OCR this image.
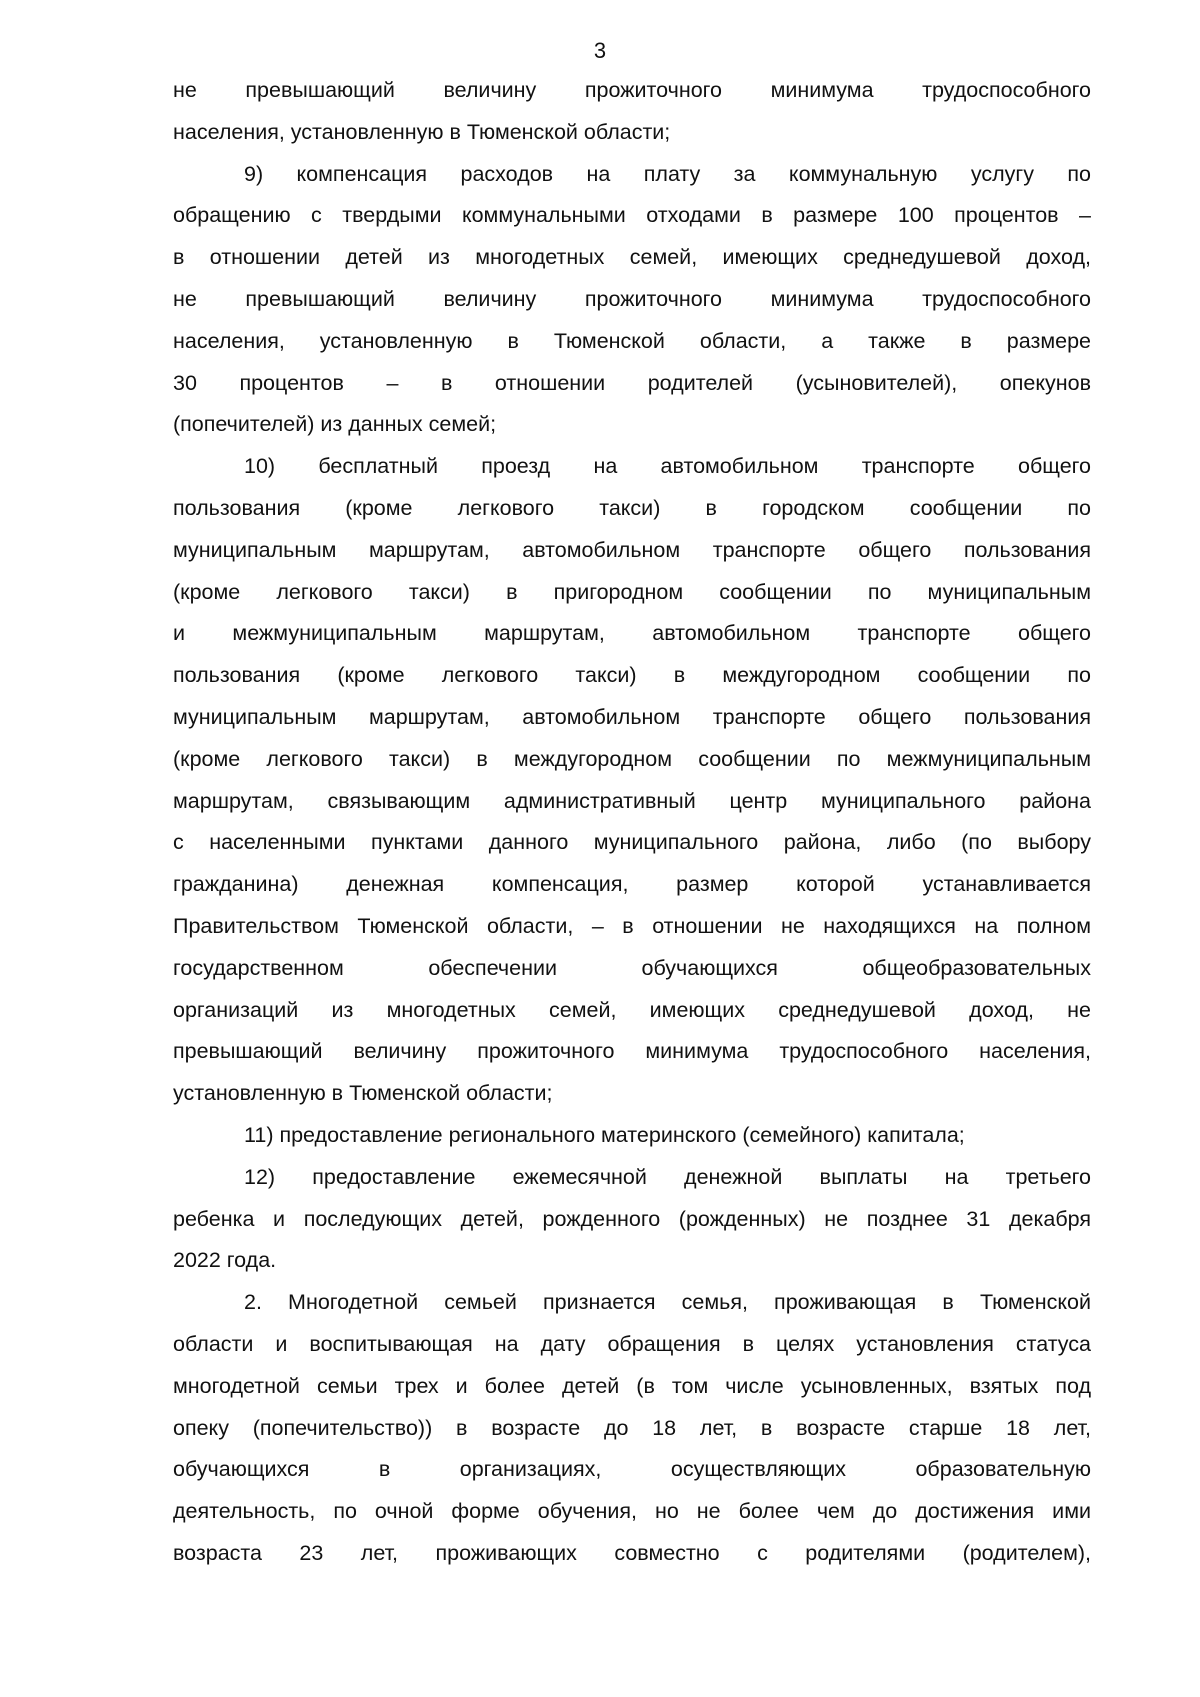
3
не превышающий величину прожиточного минимума трудоспособного
населения, установленную в Тюменской области;
9) компенсация расходов на плату за коммунальную услугу по
обращению с твердыми коммунальными отходами в размере 100 процентов –
в отношении детей из многодетных семей, имеющих среднедушевой доход,
не превышающий величину прожиточного минимума трудоспособного
населения, установленную в Тюменской области, а также в размере
30 процентов – в отношении родителей (усыновителей), опекунов
(попечителей) из данных семей;
10) бесплатный проезд на автомобильном транспорте общего
пользования (кроме легкового такси) в городском сообщении по
муниципальным маршрутам, автомобильном транспорте общего пользования
(кроме легкового такси) в пригородном сообщении по муниципальным
и межмуниципальным маршрутам, автомобильном транспорте общего
пользования (кроме легкового такси) в междугородном сообщении по
муниципальным маршрутам, автомобильном транспорте общего пользования
(кроме легкового такси) в междугородном сообщении по межмуниципальным
маршрутам, связывающим административный центр муниципального района
с населенными пунктами данного муниципального района, либо (по выбору
гражданина) денежная компенсация, размер которой устанавливается
Правительством Тюменской области, – в отношении не находящихся на полном
государственном обеспечении обучающихся общеобразовательных
организаций из многодетных семей, имеющих среднедушевой доход, не
превышающий величину прожиточного минимума трудоспособного населения,
установленную в Тюменской области;
11) предоставление регионального материнского (семейного) капитала;
12) предоставление ежемесячной денежной выплаты на третьего
ребенка и последующих детей, рожденного (рожденных) не позднее 31 декабря
2022 года.
2. Многодетной семьей признается семья, проживающая в Тюменской
области и воспитывающая на дату обращения в целях установления статуса
многодетной семьи трех и более детей (в том числе усыновленных, взятых под
опеку (попечительство)) в возрасте до 18 лет, в возрасте старше 18 лет,
обучающихся в организациях, осуществляющих образовательную
деятельность, по очной форме обучения, но не более чем до достижения ими
возраста 23 лет, проживающих совместно с родителями (родителем),
